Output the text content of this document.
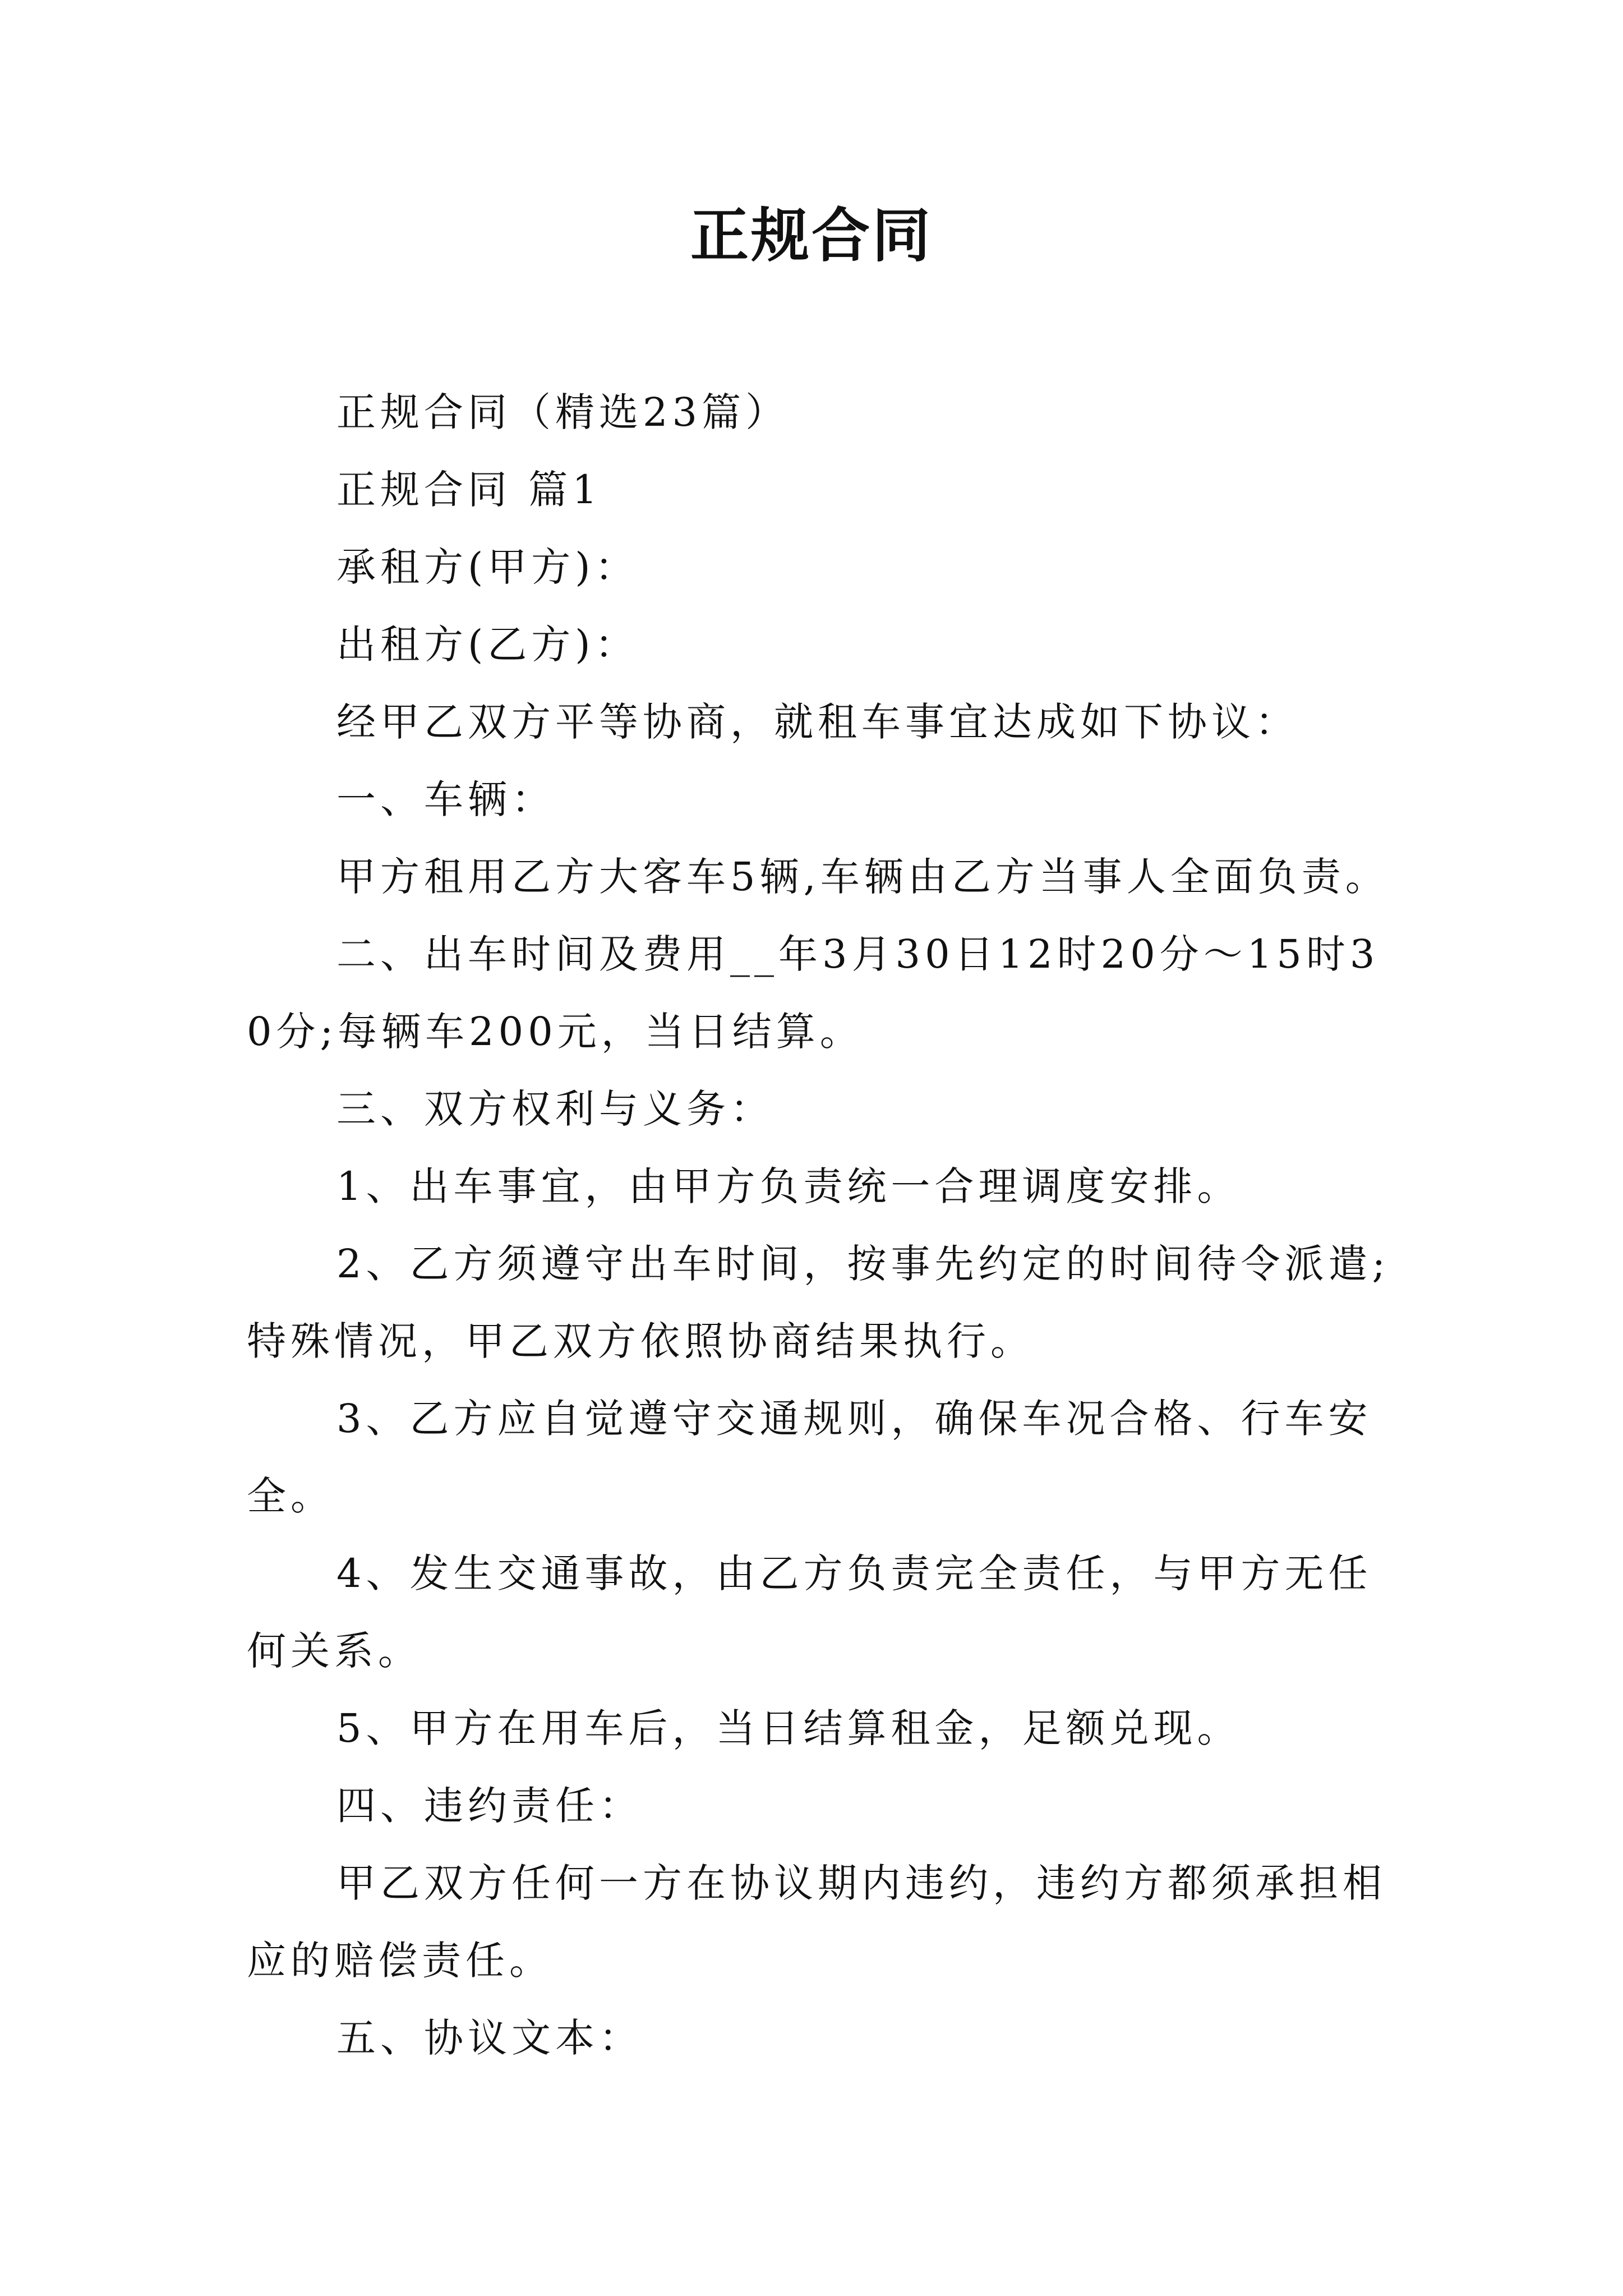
正规合同

正规合同（精选23篇）

正规合同 篇1

承租方(甲方)：

出租方(乙方)：

经甲乙双方平等协商，就租车事宜达成如下协议：

一、车辆：

甲方租用乙方大客车5辆,车辆由乙方当事人全面负责。

二、出车时间及费用__年3月30日12时20分～15时30分;每辆车200元，当日结算。

三、双方权利与义务：

1、出车事宜，由甲方负责统一合理调度安排。

2、乙方须遵守出车时间，按事先约定的时间待令派遣;特殊情况，甲乙双方依照协商结果执行。

3、乙方应自觉遵守交通规则，确保车况合格、行车安全。

4、发生交通事故，由乙方负责完全责任，与甲方无任何关系。

5、甲方在用车后，当日结算租金，足额兑现。

四、违约责任：

甲乙双方任何一方在协议期内违约，违约方都须承担相应的赔偿责任。

五、协议文本：
